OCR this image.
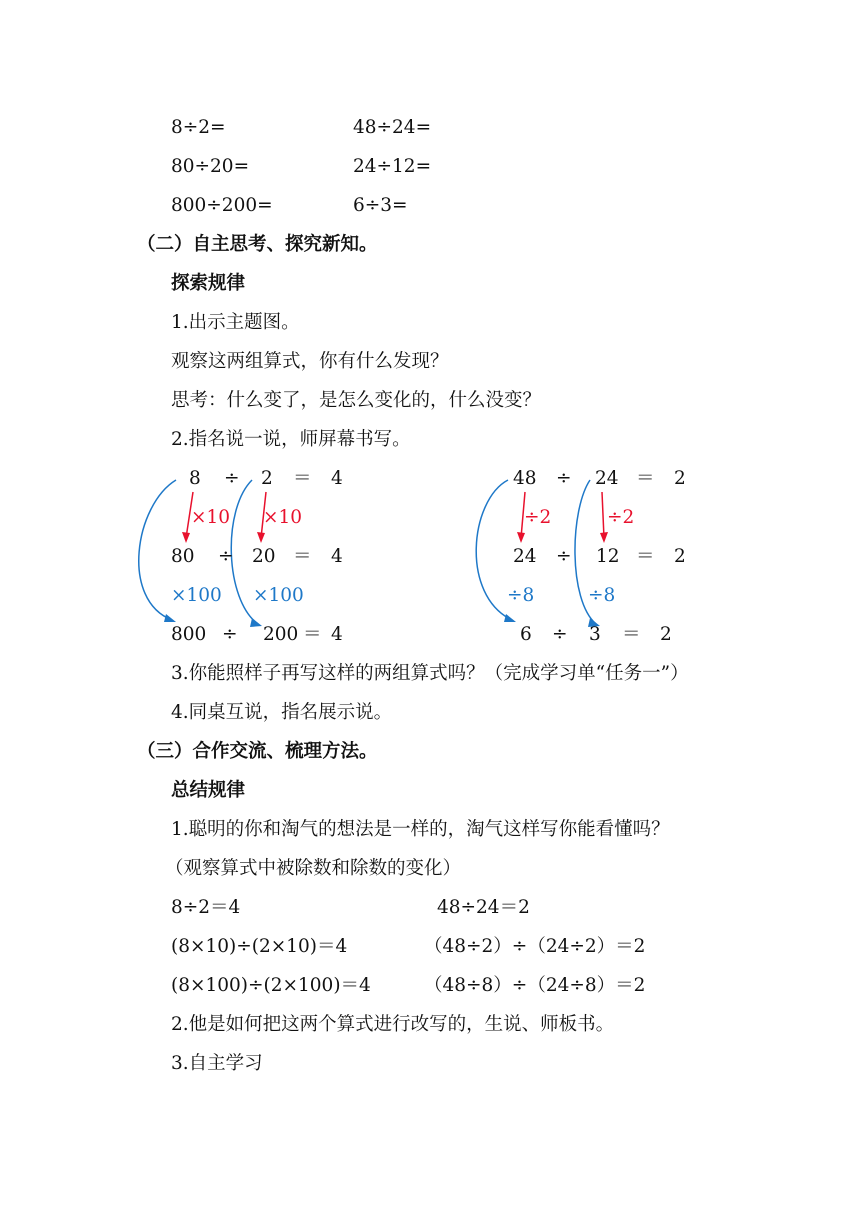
8÷2=
80÷20=
800÷200=
48÷24=
24÷12=
6÷3=
（二）自主思考、探究新知。
探索规律
1.出示主题图。
观察这两组算式，你有什么发现？
思考：什么变了，是怎么变化的，什么没变？
2.指名说一说，师屏幕书写。
8 ÷ 2 ＝ 4
×10 ×10
80 ÷ 20 ＝ 4
×100 ×100
800 ÷ 200 ＝ 4
48 ÷ 24 ＝ 2
÷2	÷2
24 ÷ 12 ＝ 2
÷8	÷8
6 ÷ 3 ＝ 2
3.你能照样子再写这样的两组算式吗？（完成学习单“任务一”）
4.同桌互说，指名展示说。
（三）合作交流、梳理方法。
总结规律
1.聪明的你和淘气的想法是一样的，淘气这样写你能看懂吗？
（观察算式中被除数和除数的变化）
8÷2＝4
(8×10)÷(2×10)＝4
(8×100)÷(2×100)＝4
48÷24＝2
（48÷2）÷（24÷2）＝2
（48÷8）÷（24÷8）＝2
2.他是如何把这两个算式进行改写的，生说、师板书。
3.自主学习
